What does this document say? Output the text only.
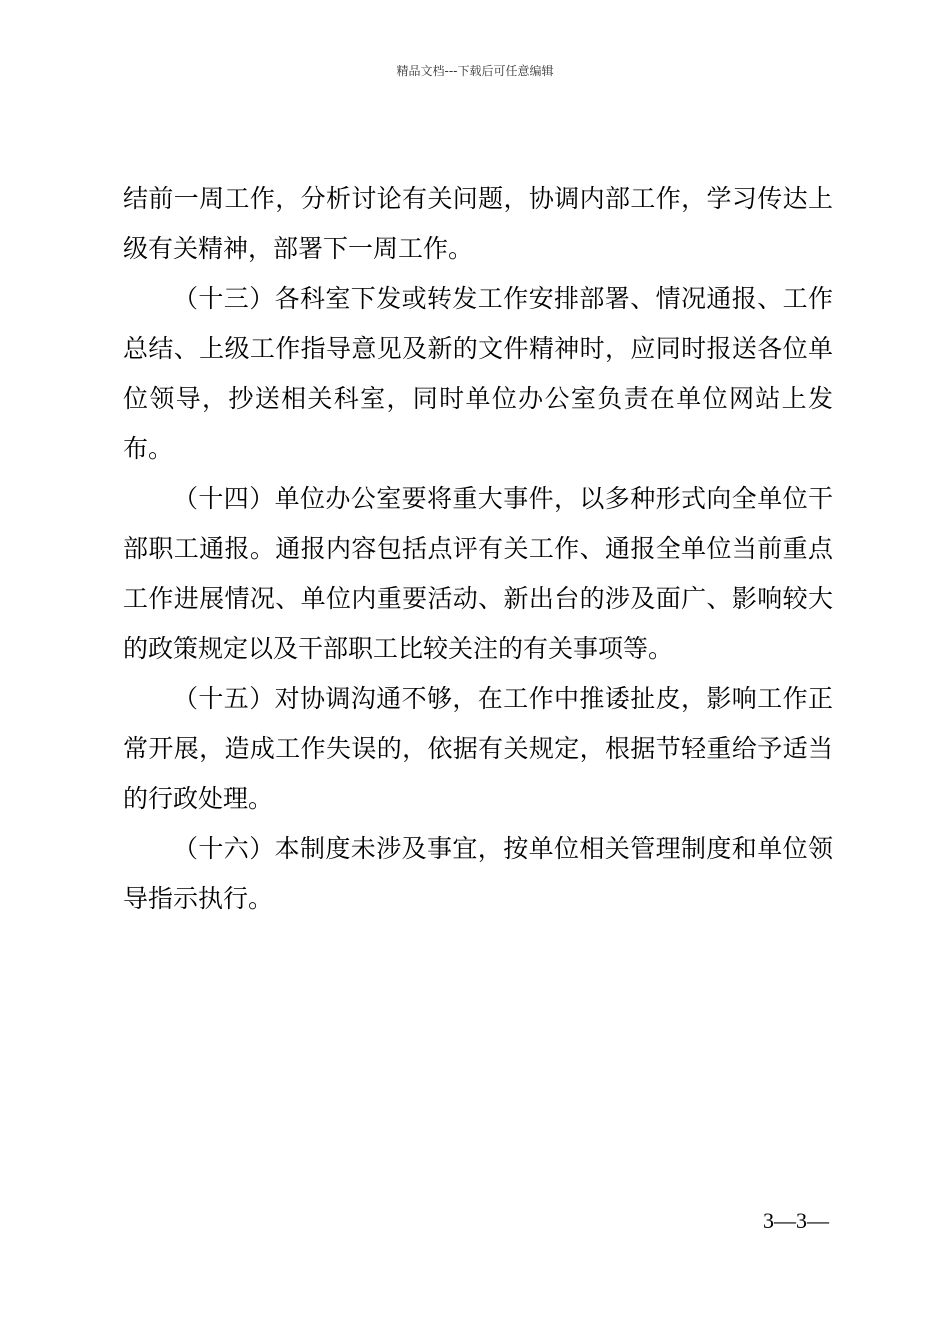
精品文档---下载后可任意编辑

结前一周工作，分析讨论有关问题，协调内部工作，学习传达上级有关精神，部署下一周工作。

（十三）各科室下发或转发工作安排部署、情况通报、工作总结、上级工作指导意见及新的文件精神时，应同时报送各位单位领导，抄送相关科室，同时单位办公室负责在单位网站上发布。

（十四）单位办公室要将重大事件，以多种形式向全单位干部职工通报。通报内容包括点评有关工作、通报全单位当前重点工作进展情况、单位内重要活动、新出台的涉及面广、影响较大的政策规定以及干部职工比较关注的有关事项等。

（十五）对协调沟通不够，在工作中推诿扯皮，影响工作正常开展，造成工作失误的，依据有关规定，根据节轻重给予适当的行政处理。

（十六）本制度未涉及事宜，按单位相关管理制度和单位领导指示执行。

3—3—
